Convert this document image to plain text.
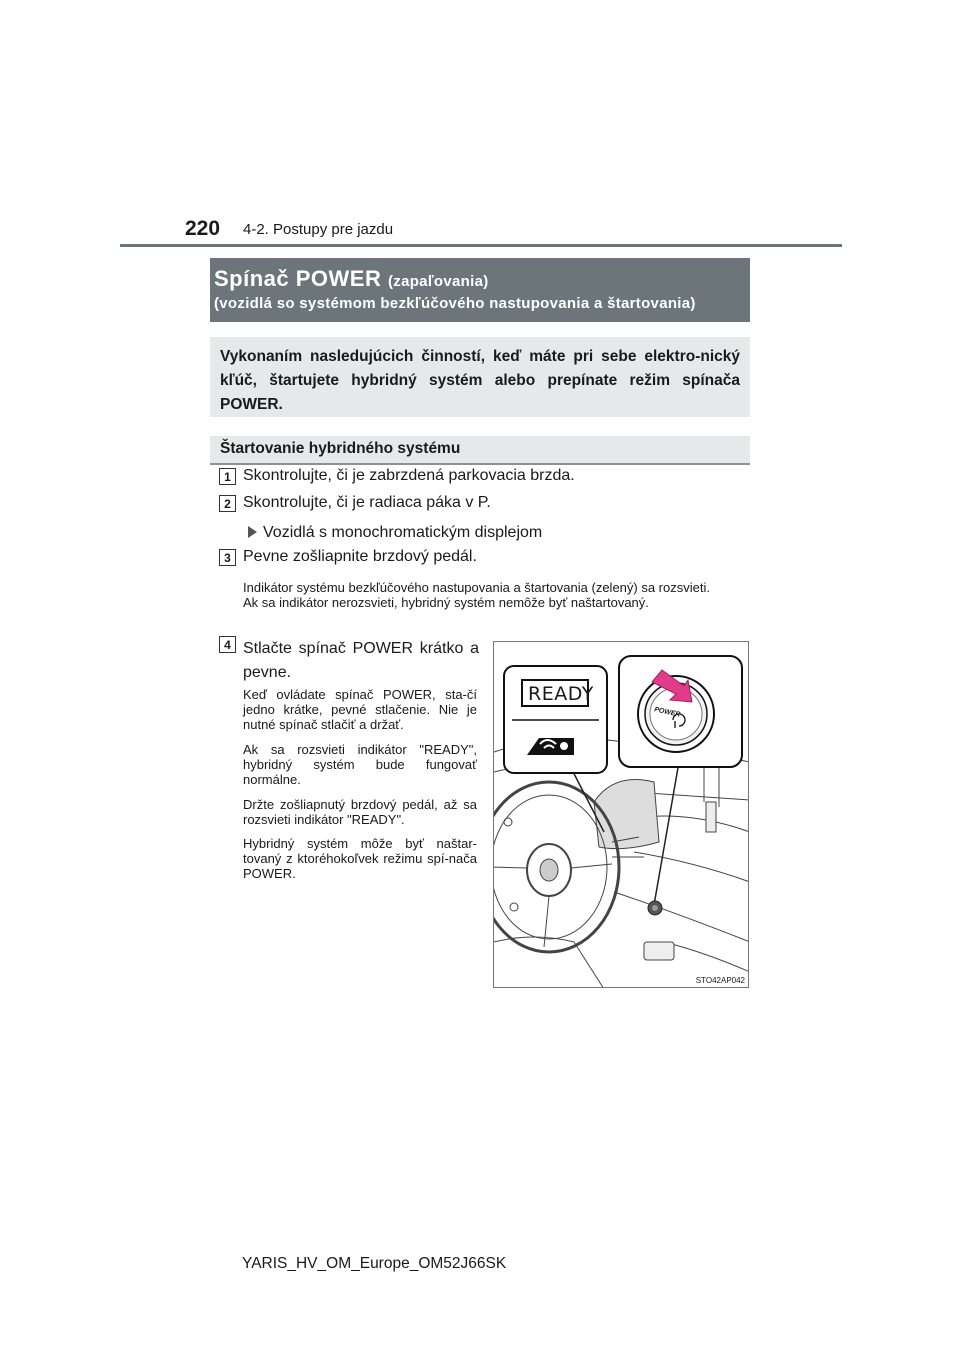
220 4-2. Postupy pre jazdu
Spínač POWER (zapaľovania)
(vozidlá so systémom bezkľúčového nastupovania a štartovania)
Vykonaním nasledujúcich činností, keď máte pri sebe elektro-nický kľúč, štartujete hybridný systém alebo prepínate režim spínača POWER.
Štartovanie hybridného systému
1 Skontrolujte, či je zabrzdená parkovacia brzda.
2 Skontrolujte, či je radiaca páka v P.
Vozidlá s monochromatickým displejom
3 Pevne zošliapnite brzdový pedál.
Indikátor systému bezkľúčového nastupovania a štartovania (zelený) sa rozsvieti.
Ak sa indikátor nerozsvieti, hybridný systém nemôže byť naštartovaný.
4 Stlačte spínač POWER krátko a pevne.
Keď ovládate spínač POWER, sta-čí jedno krátke, pevné stlačenie. Nie je nutné spínač stlačiť a držať.
Ak sa rozsvieti indikátor "READY", hybridný systém bude fungovať normálne.
Držte zošliapnutý brzdový pedál, až sa rozsvieti indikátor "READY".
Hybridný systém môže byť naštar-tovaný z ktoréhokoľvek režimu spí-nača POWER.
STO42AP042
READY
POWER
YARIS_HV_OM_Europe_OM52J66SK
